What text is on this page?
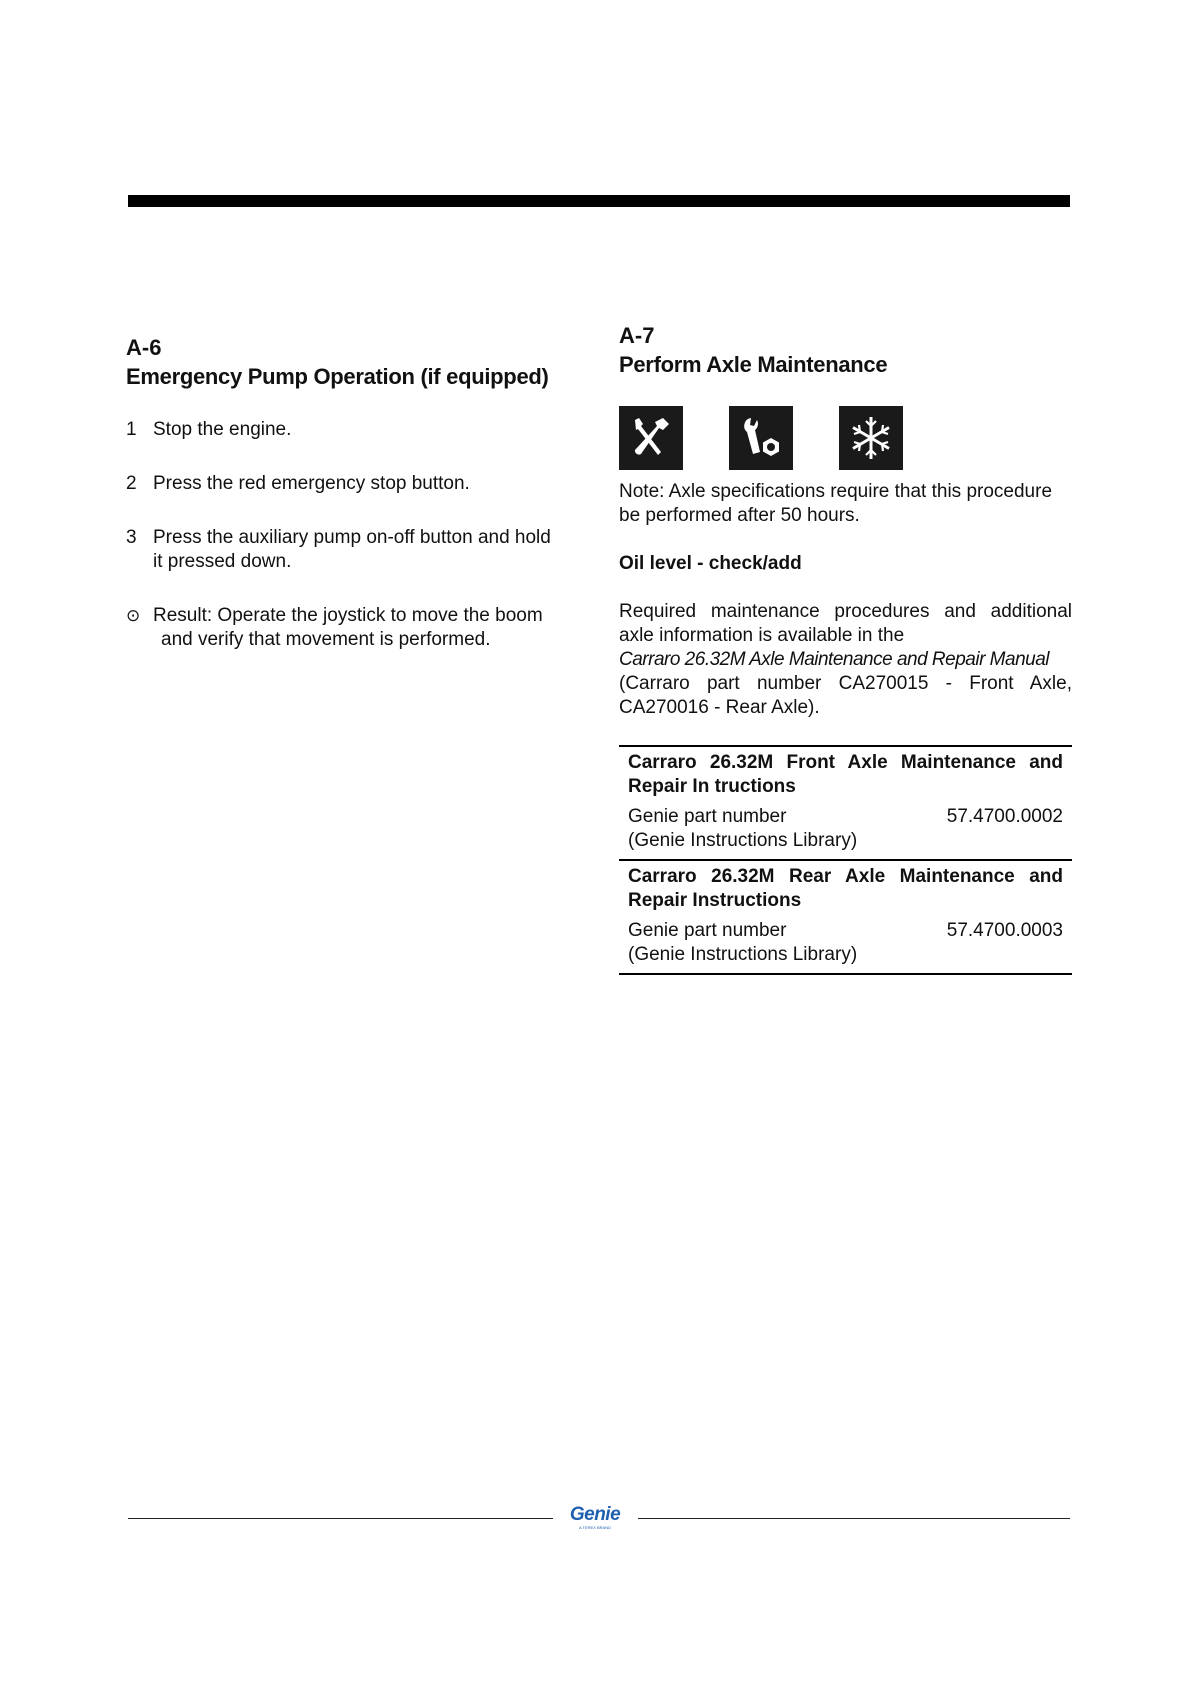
A-6
Emergency Pump Operation (if equipped)
1 Stop the engine.
2 Press the red emergency stop button.
3 Press the auxiliary pump on-off button and hold
it pressed down.
⊙ Result: Operate the joystick to move the boom
and verify that movement is performed.
A-7
Perform Axle Maintenance
Note: Axle specifications require that this procedure be performed after 50 hours.
Oil level - check/add
Required maintenance procedures and additional axle information is available in the
Carraro 26.32M Axle Maintenance and Repair Manual
(Carraro part number CA270015 - Front Axle, CA270016 - Rear Axle).
Carraro 26.32M Front Axle Maintenance and Repair In tructions
Genie part number	57.4700.0002
(Genie Instructions Library)
Carraro 26.32M Rear Axle Maintenance and Repair Instructions
Genie part number	57.4700.0003
(Genie Instructions Library)
Genie
A TEREX BRAND
